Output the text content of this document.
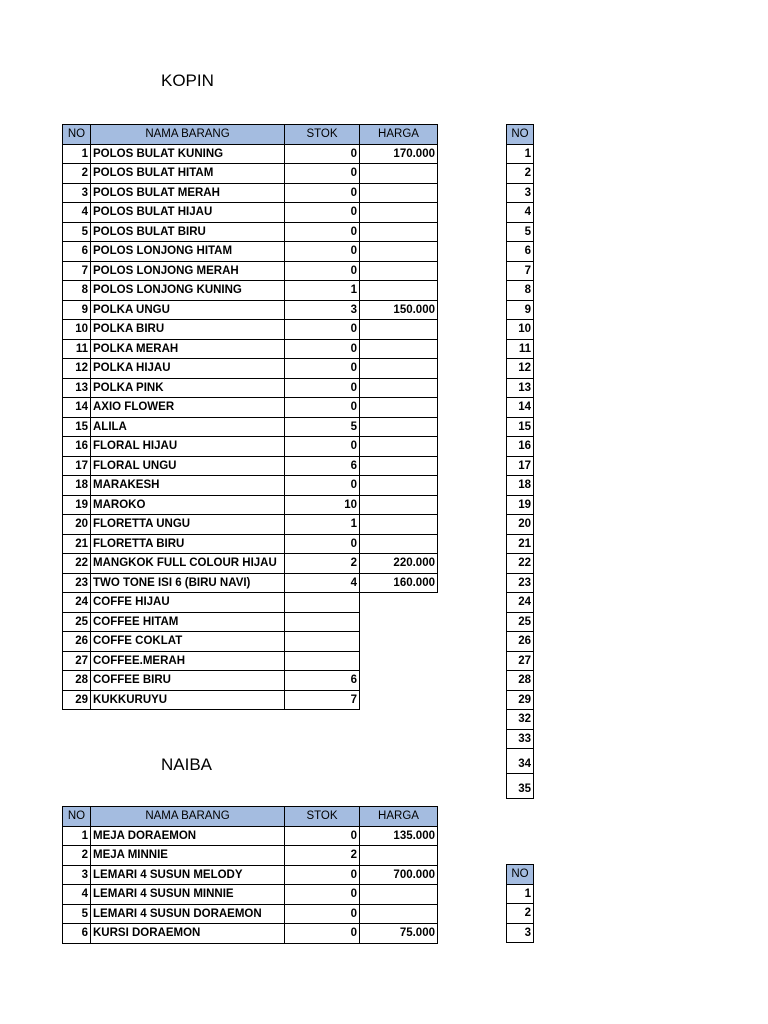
KOPIN
NO	NAMA BARANG	STOK	HARGA
1	POLOS BULAT KUNING	0	170.000
2	POLOS BULAT HITAM	0	
3	POLOS BULAT MERAH	0	
4	POLOS BULAT HIJAU	0	
5	POLOS BULAT BIRU	0	
6	POLOS LONJONG HITAM	0	
7	POLOS LONJONG MERAH	0	
8	POLOS LONJONG KUNING	1	
9	POLKA UNGU	3	150.000
10	POLKA BIRU	0	
11	POLKA MERAH	0	
12	POLKA HIJAU	0	
13	POLKA PINK	0	
14	AXIO FLOWER	0	
15	ALILA	5	
16	FLORAL HIJAU	0	
17	FLORAL UNGU	6	
18	MARAKESH	0	
19	MAROKO	10	
20	FLORETTA UNGU	1	
21	FLORETTA BIRU	0	
22	MANGKOK FULL COLOUR HIJAU	2	220.000
23	TWO TONE ISI 6 (BIRU NAVI)	4	160.000
24	COFFE HIJAU		
25	COFFEE HITAM		
26	COFFE COKLAT		
27	COFFEE.MERAH		
28	COFFEE BIRU	6	
29	KUKKURUYU	7	
NO
1
2
3
4
5
6
7
8
9
10
11
12
13
14
15
16
17
18
19
20
21
22
23
24
25
26
27
28
29
32
33
34
35
NAIBA
NO	NAMA BARANG	STOK	HARGA
1	MEJA DORAEMON	0	135.000
2	MEJA MINNIE	2	
3	LEMARI 4 SUSUN MELODY	0	700.000
4	LEMARI 4 SUSUN MINNIE	0	
5	LEMARI 4 SUSUN DORAEMON	0	
6	KURSI DORAEMON	0	75.000
NO
1
2
3
